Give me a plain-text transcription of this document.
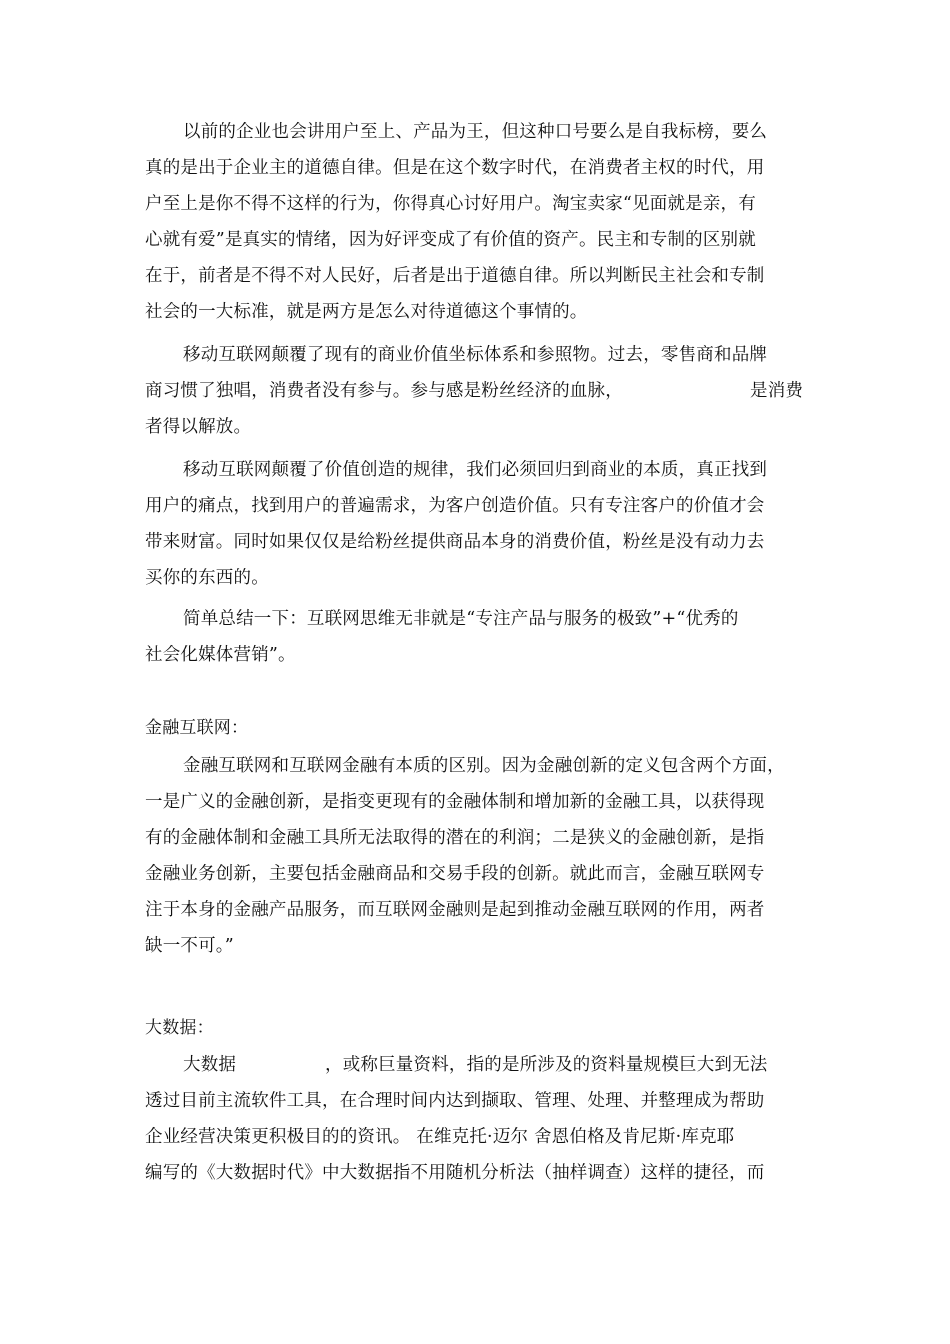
以前的企业也会讲用户至上、产品为王，但这种口号要么是自我标榜，要么
真的是出于企业主的道德自律。但是在这个数字时代，在消费者主权的时代，用
户至上是你不得不这样的行为，你得真心讨好用户。淘宝卖家“见面就是亲，有
心就有爱”是真实的情绪，因为好评变成了有价值的资产。民主和专制的区别就
在于，前者是不得不对人民好，后者是出于道德自律。所以判断民主社会和专制
社会的一大标准，就是两方是怎么对待道德这个事情的。
移动互联网颠覆了现有的商业价值坐标体系和参照物。过去，零售商和品牌
商习惯了独唱，消费者没有参与。参与感是粉丝经济的血脉，	是消费
者得以解放。
移动互联网颠覆了价值创造的规律，我们必须回归到商业的本质，真正找到
用户的痛点，找到用户的普遍需求，为客户创造价值。只有专注客户的价值才会
带来财富。同时如果仅仅是给粉丝提供商品本身的消费价值，粉丝是没有动力去
买你的东西的。
简单总结一下：互联网思维无非就是“专注产品与服务的极致”+“优秀的
社会化媒体营销”。
金融互联网：
金融互联网和互联网金融有本质的区别。因为金融创新的定义包含两个方面，
一是广义的金融创新，是指变更现有的金融体制和增加新的金融工具，以获得现
有的金融体制和金融工具所无法取得的潜在的利润；二是狭义的金融创新，是指
金融业务创新，主要包括金融商品和交易手段的创新。就此而言，金融互联网专
注于本身的金融产品服务，而互联网金融则是起到推动金融互联网的作用，两者
缺一不可。”
大数据：
大数据	，或称巨量资料，指的是所涉及的资料量规模巨大到无法
透过目前主流软件工具，在合理时间内达到撷取、管理、处理、并整理成为帮助
企业经营决策更积极目的的资讯。 在维克托·迈尔 舍恩伯格及肯尼斯·库克耶
编写的《大数据时代》中大数据指不用随机分析法（抽样调查）这样的捷径，而
